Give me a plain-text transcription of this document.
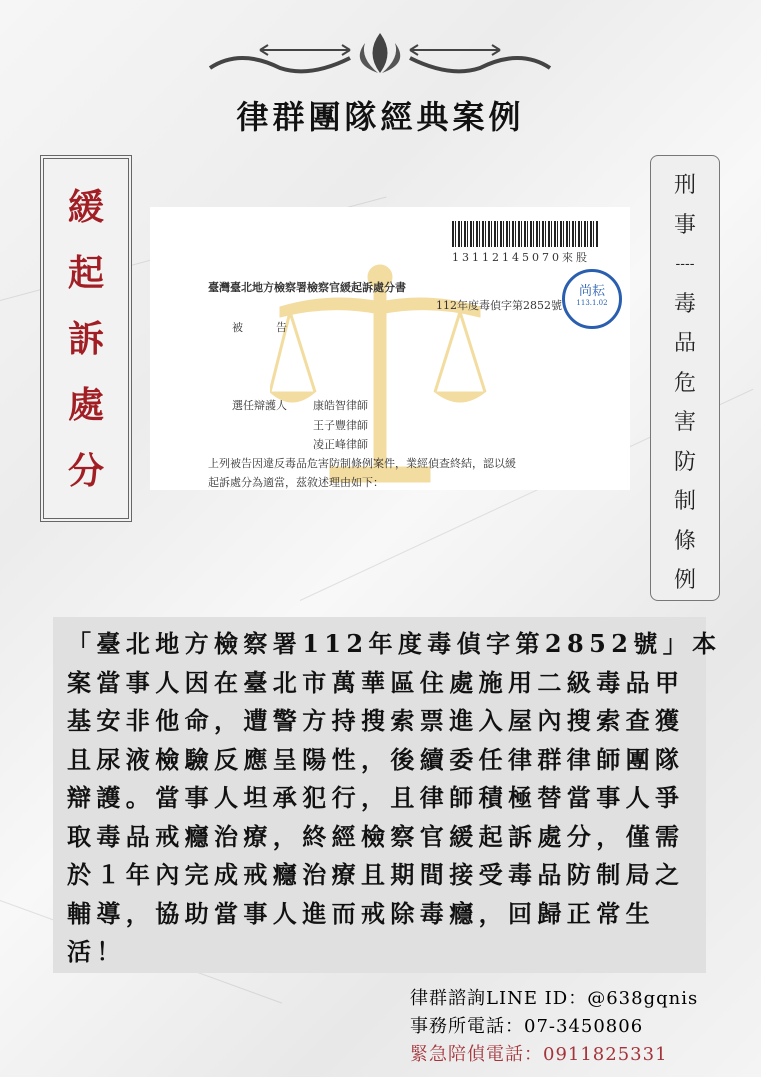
律群團隊經典案例
緩
起
訴
處
分
13112145070來股
尚耘
113.1.02
臺灣臺北地方檢察署檢察官緩起訴處分書
112年度毒偵字第2852號
被　　　告
選任辯護人 康皓智律師
王子豐律師
凌正峰律師
上列被告因違反毒品危害防制條例案件，業經偵查終結，認以緩
起訴處分為適當，茲敘述理由如下：
刑
事
----
毒
品
危
害
防
制
條
例
「臺北地方檢察署112年度毒偵字第2852號」本
案當事人因在臺北市萬華區住處施用二級毒品甲
基安非他命，遭警方持搜索票進入屋內搜索查獲
且尿液檢驗反應呈陽性，後續委任律群律師團隊
辯護。當事人坦承犯行，且律師積極替當事人爭
取毒品戒癮治療，終經檢察官緩起訴處分，僅需
於１年內完成戒癮治療且期間接受毒品防制局之
輔導，協助當事人進而戒除毒癮，回歸正常生
活！
律群諮詢LINE ID：@638gqnis
事務所電話：07-3450806
緊急陪偵電話：0911825331
